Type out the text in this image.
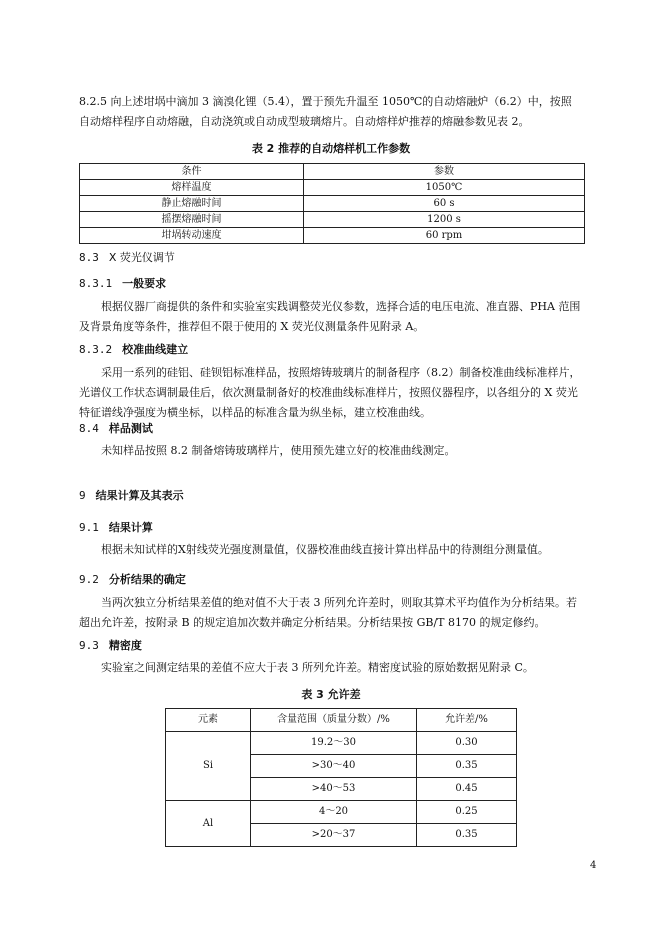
8.2.5 向上述坩埚中滴加 3 滴溴化锂（5.4），置于预先升温至 1050℃的自动熔融炉（6.2）中，按照
自动熔样程序自动熔融，自动浇筑或自动成型玻璃熔片。自动熔样炉推荐的熔融参数见表 2。
表 2 推荐的自动熔样机工作参数
条件	参数
熔样温度	1050℃
静止熔融时间	60 s
摇摆熔融时间	1200 s
坩埚转动速度	60 rpm
8.3 X 荧光仪调节
8.3.1 一般要求
根据仪器厂商提供的条件和实验室实践调整荧光仪参数，选择合适的电压电流、准直器、PHA 范围
及背景角度等条件，推荐但不限于使用的 X 荧光仪测量条件见附录 A。
8.3.2 校准曲线建立
采用一系列的硅铝、硅钡铝标准样品，按照熔铸玻璃片的制备程序（8.2）制备校准曲线标准样片，
光谱仪工作状态调制最佳后，依次测量制备好的校准曲线标准样片，按照仪器程序，以各组分的 X 荧光
特征谱线净强度为横坐标，以样品的标准含量为纵坐标，建立校准曲线。
8.4 样品测试
未知样品按照 8.2 制备熔铸玻璃样片，使用预先建立好的校准曲线测定。
9 结果计算及其表示
9.1 结果计算
根据未知试样的X射线荧光强度测量值，仪器校准曲线直接计算出样品中的待测组分测量值。
9.2 分析结果的确定
当两次独立分析结果差值的绝对值不大于表 3 所列允许差时，则取其算术平均值作为分析结果。若
超出允许差，按附录 B 的规定追加次数并确定分析结果。分析结果按 GB/T 8170 的规定修约。
9.3 精密度
实验室之间测定结果的差值不应大于表 3 所列允许差。精密度试验的原始数据见附录 C。
表 3 允许差
元素	含量范围（质量分数）/%	允许差/%
Si	19.2～30	0.30
	>30～40	0.35
	>40～53	0.45
Al	4～20	0.25
	>20～37	0.35
4
